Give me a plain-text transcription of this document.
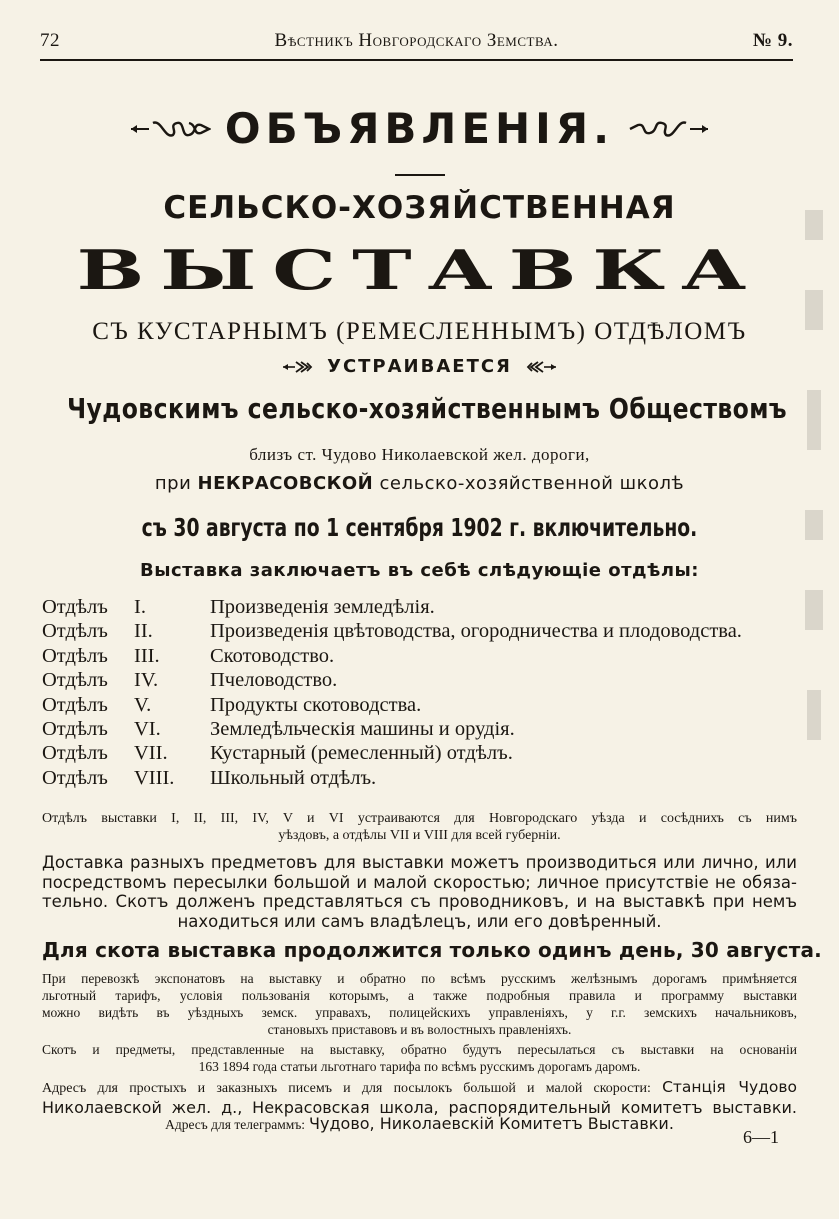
72	Вѣстникъ Новгородскаго Земства.	№ 9.
ОБЪЯВЛЕНІЯ.
СЕЛЬСКО-ХОЗЯЙСТВЕННАЯ
ВЫСТАВКА
СЪ КУСТАРНЫМЪ (РЕМЕСЛЕННЫМЪ) ОТДѢЛОМЪ
УСТРАИВАЕТСЯ
Чудовскимъ сельско-хозяйственнымъ Обществомъ
близъ ст. Чудово Николаевской жел. дороги,
при НЕКРАСОВСКОЙ сельско-хозяйственной школѣ
съ 30 августа по 1 сентября 1902 г. включительно.
Выставка заключаетъ въ себѣ слѣдующіе отдѣлы:
Отдѣлъ I.	Произведенія земледѣлія.
Отдѣлъ II.	Произведенія цвѣтоводства, огородничества и плодоводства.
Отдѣлъ III. Скотоводство.
Отдѣлъ IV.	Пчеловодство.
Отдѣлъ V.	Продукты скотоводства.
Отдѣлъ VI. Земледѣльческія машины и орудія.
Отдѣлъ VII. Кустарный (ремесленный) отдѣлъ.
Отдѣлъ VIII. Школьный отдѣлъ.
Отдѣлъ выставки I, II, III, IV, V и VI устраиваются для Новгородскаго уѣзда и сосѣднихъ съ нимъ
уѣздовъ, а отдѣлы VII и VIII для всей губерніи.
Доставка разныхъ предметовъ для выставки можетъ производиться или лично, или
посредствомъ пересылки большой и малой скоростью; личное присутствіе не обяза-
тельно. Скотъ долженъ представляться съ проводниковъ, и на выставкѣ при немъ
находиться или самъ владѣлецъ, или его довѣренный.
Для скота выставка продолжится только одинъ день, 30 августа.
При перевозкѣ экспонатовъ на выставку и обратно по всѣмъ русскимъ желѣзнымъ дорогамъ примѣняется
льготный тарифъ, условія пользованія которымъ, а также подробныя правила и программу выставки
можно видѣть въ уѣздныхъ земск. управахъ, полицейскихъ управленіяхъ, у г.г. земскихъ начальниковъ,
становыхъ приставовъ и въ волостныхъ правленіяхъ.
Скотъ и предметы, представленные на выставку, обратно будутъ пересылаться съ выставки на основаніи
163 1894 года статьи льготнаго тарифа по всѣмъ русскимъ дорогамъ даромъ.
Адресъ для простыхъ и заказныхъ писемъ и для посылокъ большой и малой скорости: Станція Чудово
Николаевской жел. д., Некрасовская школа, распорядительный комитетъ выставки.
Адресъ для телеграммъ: Чудово, Николаевскій Комитетъ Выставки.
6—1
